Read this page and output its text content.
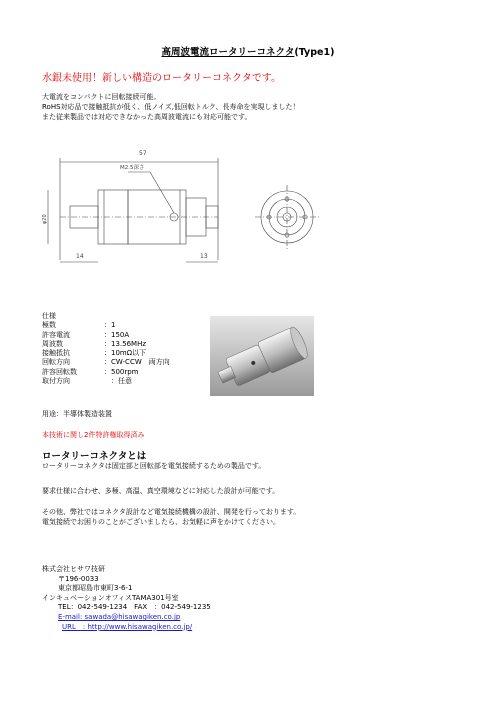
高周波電流ロータリーコネクタ(Type1)
水銀未使用！新しい構造のロータリーコネクタです。
大電流をコンパクトに回転接続可能。
RoHS対応品で接触抵抗が低く、低ノイズ,低回転トルク、長寿命を実現しました！
また従来製品では対応できなかった高周波電流にも対応可能です。
57
14	13
M2.5深さ
φ20
仕様
極数	：1
許容電流	：150A
周波数	：13.56MHz
接触抵抗	：10mΩ以下
回転方向	：CW-CCW　両方向
許容回転数	：500rpm
取付方向	　：任意
用途：半導体製造装置
本技術に関し2件特許権取得済み
ロータリーコネクタとは
ロータリーコネクタは固定部と回転部を電気接続するための製品です。
要求仕様に合わせ、多極、高温、真空環境などに対応した設計が可能です。
その他、弊社ではコネクタ設計など電気接続機構の設計、開発を行っております。
電気接続でお困りのことがございましたら、お気軽に声をかけてください。
株式会社ヒサワ技研
〒196-0033
東京都昭島市東町3-6-1
インキュベーションオフィスTAMA301号室
TEL：042-549-1234　FAX　：042-549-1235
E-mail: sawada@hisawagiken.co.jp
URL　: http://www.hisawagiken.co.jp/
